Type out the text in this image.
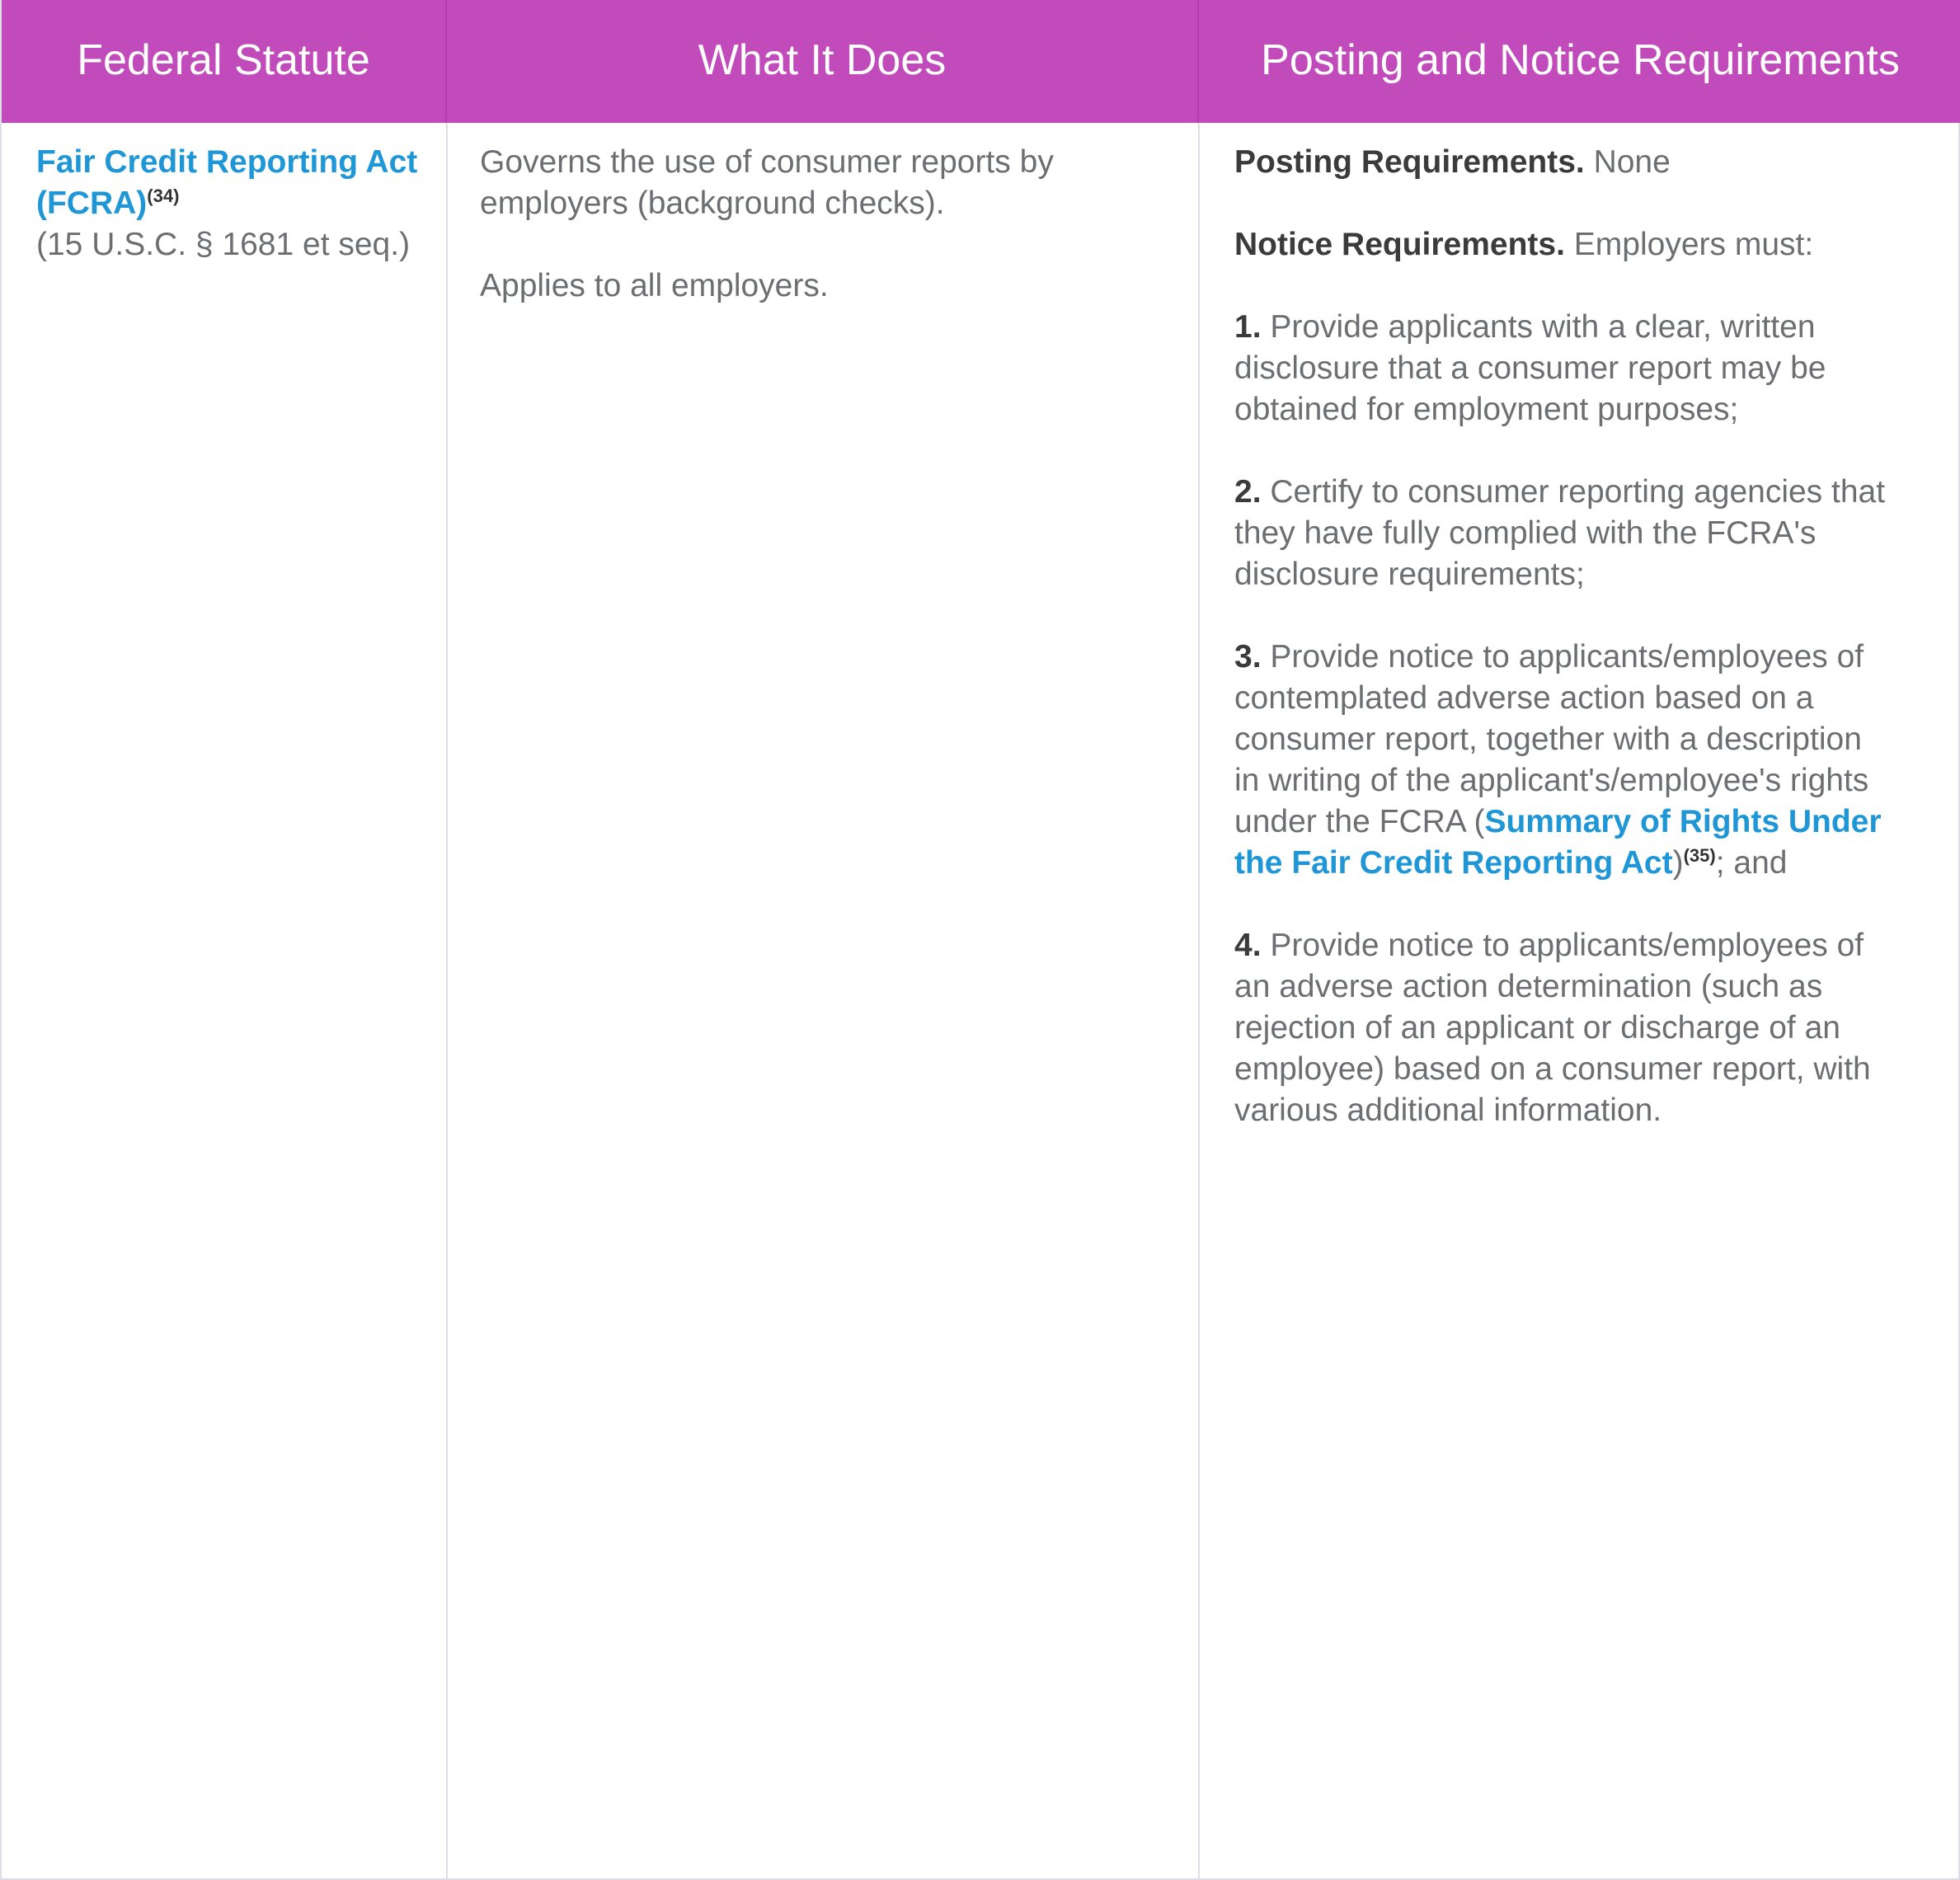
Federal Statute	What It Does	Posting and Notice Requirements
Fair Credit Reporting Act
(FCRA)$^{(34)}$
(15 U.S.C. § 1681 et seq.)
Governs the use of consumer reports by
employers (background checks).
Applies to all employers.
Posting Requirements. None
Notice Requirements. Employers must:
1. Provide applicants with a clear, written
disclosure that a consumer report may be
obtained for employment purposes;
2. Certify to consumer reporting agencies that
they have fully complied with the FCRA's
disclosure requirements;
3. Provide notice to applicants/employees of
contemplated adverse action based on a
consumer report, together with a description
in writing of the applicant's/employee's rights
under the FCRA (Summary of Rights Under
the Fair Credit Reporting Act)$^{(35)}$; and
4. Provide notice to applicants/employees of
an adverse action determination (such as
rejection of an applicant or discharge of an
employee) based on a consumer report, with
various additional information.
